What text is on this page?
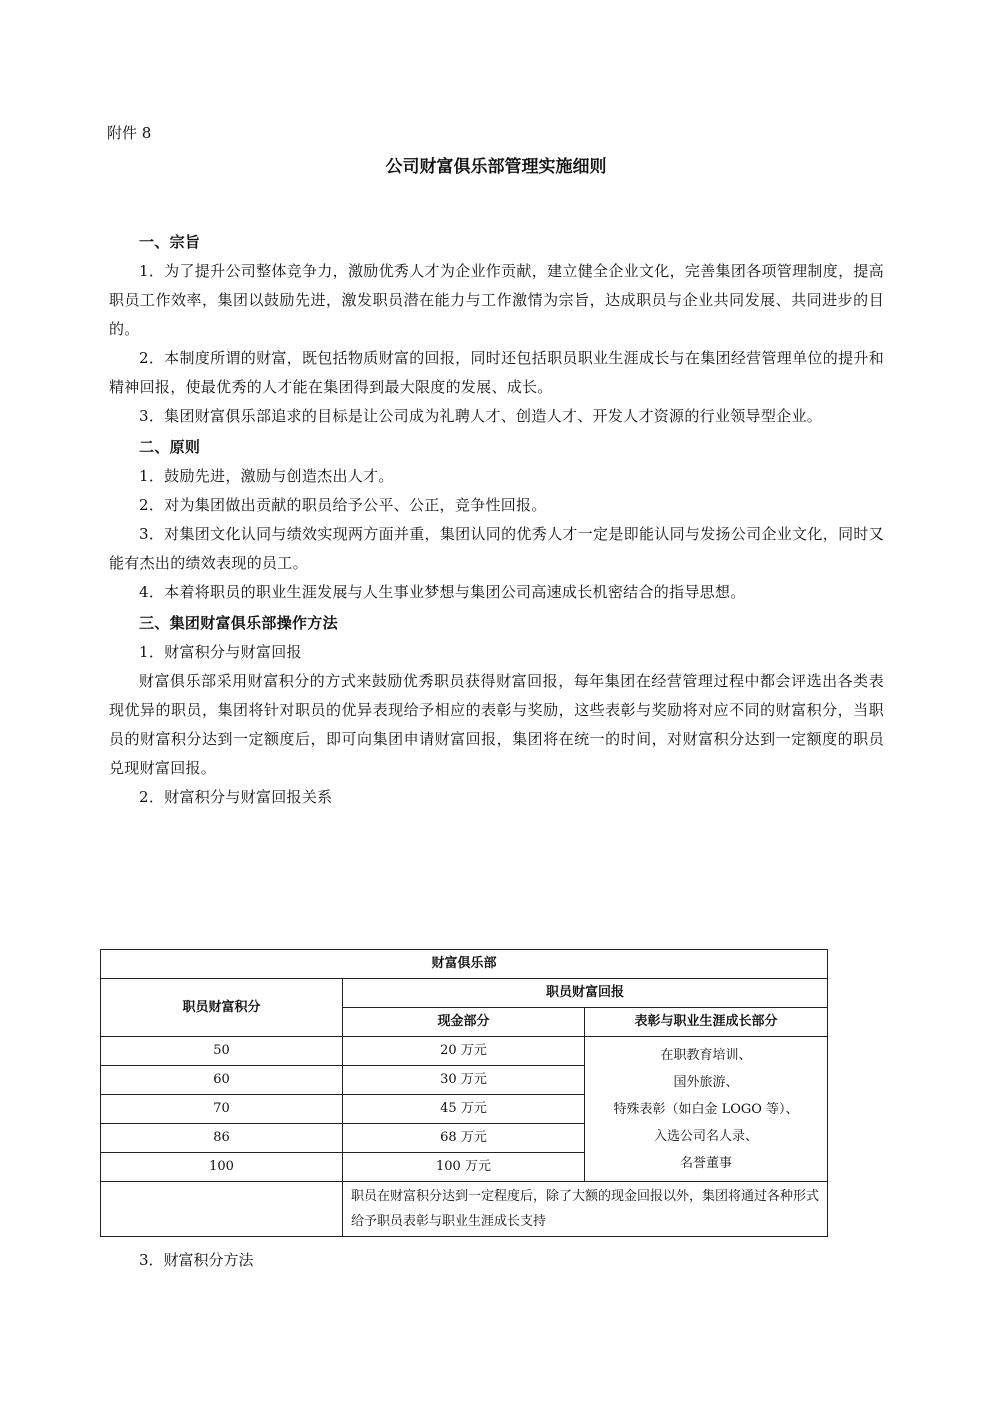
附件 8
公司财富俱乐部管理实施细则

一、宗旨

1．为了提升公司整体竞争力，激励优秀人才为企业作贡献，建立健全企业文化，完善集团各项管理制度，提高职员工作效率，集团以鼓励先进，激发职员潜在能力与工作激情为宗旨，达成职员与企业共同发展、共同进步的目的。

2．本制度所谓的财富，既包括物质财富的回报，同时还包括职员职业生涯成长与在集团经营管理单位的提升和精神回报，使最优秀的人才能在集团得到最大限度的发展、成长。

3．集团财富俱乐部追求的目标是让公司成为礼聘人才、创造人才、开发人才资源的行业领导型企业。

二、原则

1．鼓励先进，激励与创造杰出人才。

2．对为集团做出贡献的职员给予公平、公正，竞争性回报。

3．对集团文化认同与绩效实现两方面并重，集团认同的优秀人才一定是即能认同与发扬公司企业文化，同时又能有杰出的绩效表现的员工。

4．本着将职员的职业生涯发展与人生事业梦想与集团公司高速成长机密结合的指导思想。

三、集团财富俱乐部操作方法

1．财富积分与财富回报

财富俱乐部采用财富积分的方式来鼓励优秀职员获得财富回报，每年集团在经营管理过程中都会评选出各类表现优异的职员，集团将针对职员的优异表现给予相应的表彰与奖励，这些表彰与奖励将对应不同的财富积分，当职员的财富积分达到一定额度后，即可向集团申请财富回报，集团将在统一的时间，对财富积分达到一定额度的职员兑现财富回报。

2．财富积分与财富回报关系

财富俱乐部		
职员财富积分	职员财富回报	
	现金部分	表彰与职业生涯成长部分
50	20 万元	在职教育培训、
国外旅游、
特殊表彰（如白金 LOGO 等）、
入选公司名人录、
名誉董事

60	30 万元	
70	45 万元	
86	68 万元	
100	100 万元	
	职员在财富积分达到一定程度后，除了大额的现金回报以外，集团将通过各种形式给予职员表彰与职业生涯成长支持	
3．财富积分方法
